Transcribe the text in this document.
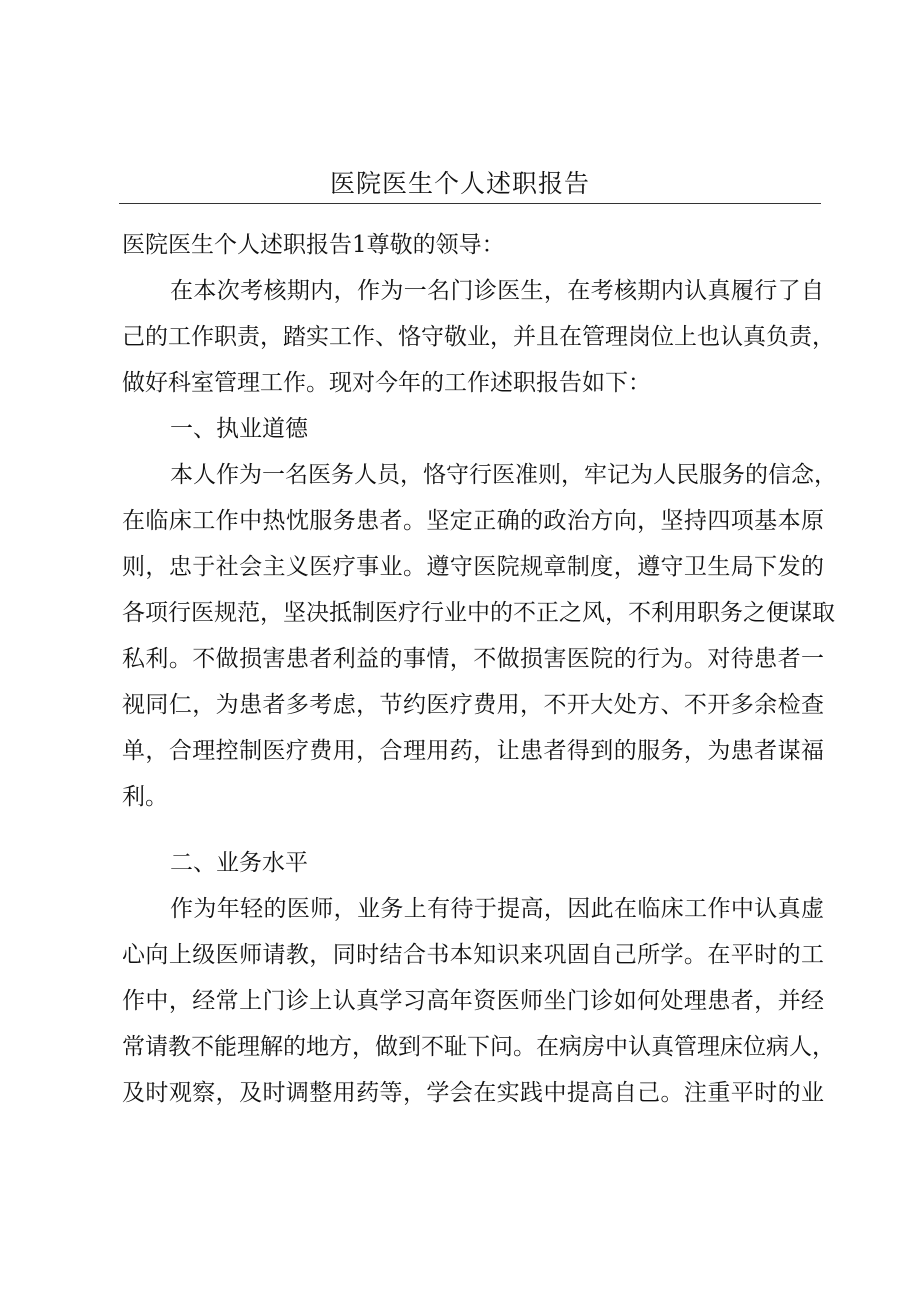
医院医生个人述职报告

医院医生个人述职报告1尊敬的领导：

在本次考核期内，作为一名门诊医生，在考核期内认真履行了自

己的工作职责，踏实工作、恪守敬业，并且在管理岗位上也认真负责，

做好科室管理工作。现对今年的工作述职报告如下：

一、执业道德

本人作为一名医务人员，恪守行医准则，牢记为人民服务的信念，

在临床工作中热忱服务患者。坚定正确的政治方向，坚持四项基本原

则，忠于社会主义医疗事业。遵守医院规章制度，遵守卫生局下发的

各项行医规范，坚决抵制医疗行业中的不正之风，不利用职务之便谋取

私利。不做损害患者利益的事情，不做损害医院的行为。对待患者一

视同仁，为患者多考虑，节约医疗费用，不开大处方、不开多余检查

单，合理控制医疗费用，合理用药，让患者得到的服务，为患者谋福

利。

二、业务水平

作为年轻的医师，业务上有待于提高，因此在临床工作中认真虚

心向上级医师请教，同时结合书本知识来巩固自己所学。在平时的工

作中，经常上门诊上认真学习高年资医师坐门诊如何处理患者，并经

常请教不能理解的地方，做到不耻下问。在病房中认真管理床位病人，

及时观察，及时调整用药等，学会在实践中提高自己。注重平时的业
